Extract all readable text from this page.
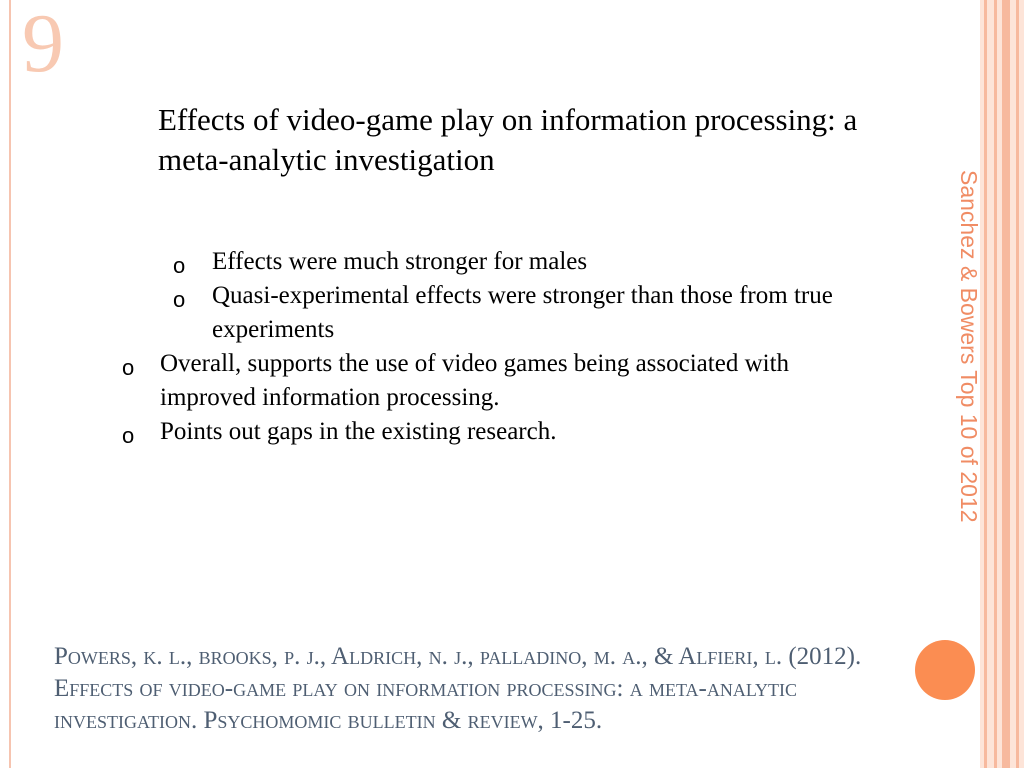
9
Effects of video-game play on information processing: a meta-analytic investigation
o Effects were much stronger for males
o Quasi-experimental effects were stronger than those from true experiments
o Overall, supports the use of video games being associated with improved information processing.
o Points out gaps in the existing research.	Sanchez & Bowers Top 10 of 2012
Powers, k. l., brooks, p. j., Aldrich, n. j., palladino, m. a., & Alfieri, l. (2012). Effects of video-game play on information processing: a meta-analytic investigation. Psychomomic bulletin & review, 1-25.
